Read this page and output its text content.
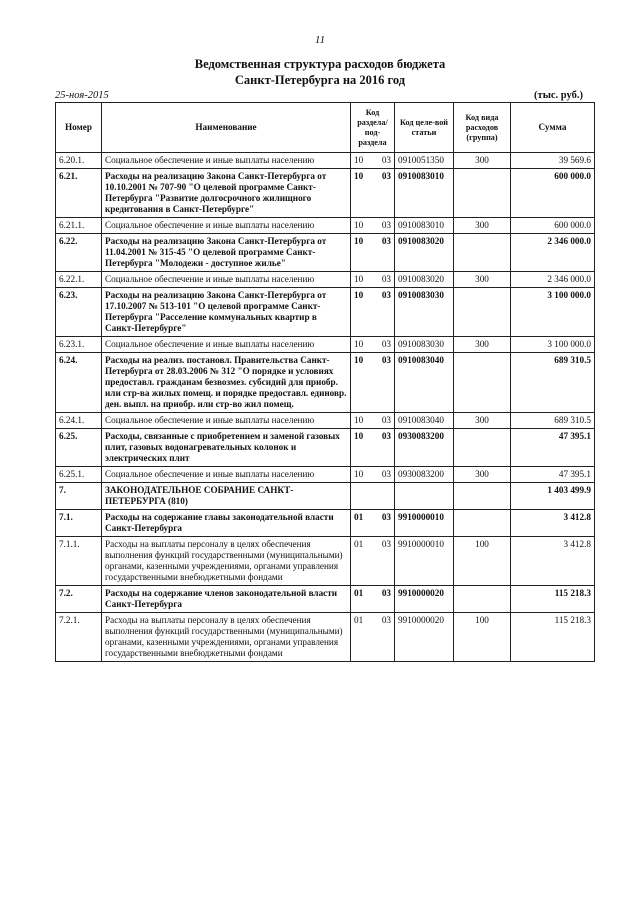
11
Ведомственная структура расходов бюджета
Санкт-Петербурга на 2016 год
25-ноя-2015	(тыс. руб.)
Номер	Наименование	Код раздела/ под-раздела	Код целе-вой статьи	Код вида расходов (группа)	Сумма
6.20.1.	Социальное обеспечение и иные выплаты населению	10 03	0910051350	300	39 569.6
6.21.	Расходы на реализацию Закона Санкт-Петербурга от 10.10.2001 № 707-90 "О целевой программе Санкт-Петербурга "Развитие долгосрочного жилищного кредитования в Санкт-Петербурге"	10 03	0910083010		600 000.0
6.21.1.	Социальное обеспечение и иные выплаты населению	10 03	0910083010	300	600 000.0
6.22.	Расходы на реализацию Закона Санкт-Петербурга от 11.04.2001 № 315-45 "О целевой программе Санкт-Петербурга "Молодежи - доступное жилье"	10 03	0910083020		2 346 000.0
6.22.1.	Социальное обеспечение и иные выплаты населению	10 03	0910083020	300	2 346 000.0
6.23.	Расходы на реализацию Закона Санкт-Петербурга от 17.10.2007 № 513-101 "О целевой программе Санкт-Петербурга "Расселение коммунальных квартир в Санкт-Петербурге"	10 03	0910083030		3 100 000.0
6.23.1.	Социальное обеспечение и иные выплаты населению	10 03	0910083030	300	3 100 000.0
6.24.	Расходы на реализ. постановл. Правительства Санкт-Петербурга от 28.03.2006 № 312 "О порядке и условиях предоставл. гражданам безвозмез. субсидий для приобр. или стр-ва жилых помещ. и порядке предоставл. единовр. ден. выпл. на приобр. или стр-во жил помещ.	10 03	0910083040		689 310.5
6.24.1.	Социальное обеспечение и иные выплаты населению	10 03	0910083040	300	689 310.5
6.25.	Расходы, связанные с приобретением и заменой газовых плит, газовых водонагревательных колонок и электрических плит	10 03	0930083200		47 395.1
6.25.1.	Социальное обеспечение и иные выплаты населению	10 03	0930083200	300	47 395.1
7.	ЗАКОНОДАТЕЛЬНОЕ СОБРАНИЕ САНКТ-ПЕТЕРБУРГА (810)				1 403 499.9
7.1.	Расходы на содержание главы законодательной власти Санкт-Петербурга	01 03	9910000010		3 412.8
7.1.1.	Расходы на выплаты персоналу в целях обеспечения выполнения функций государственными (муниципальными) органами, казенными учреждениями, органами управления государственными внебюджетными фондами	01 03	9910000010	100	3 412.8
7.2.	Расходы на содержание членов законодательной власти Санкт-Петербурга	01 03	9910000020		115 218.3
7.2.1.	Расходы на выплаты персоналу в целях обеспечения выполнения функций государственными (муниципальными) органами, казенными учреждениями, органами управления государственными внебюджетными фондами	01 03	9910000020	100	115 218.3
